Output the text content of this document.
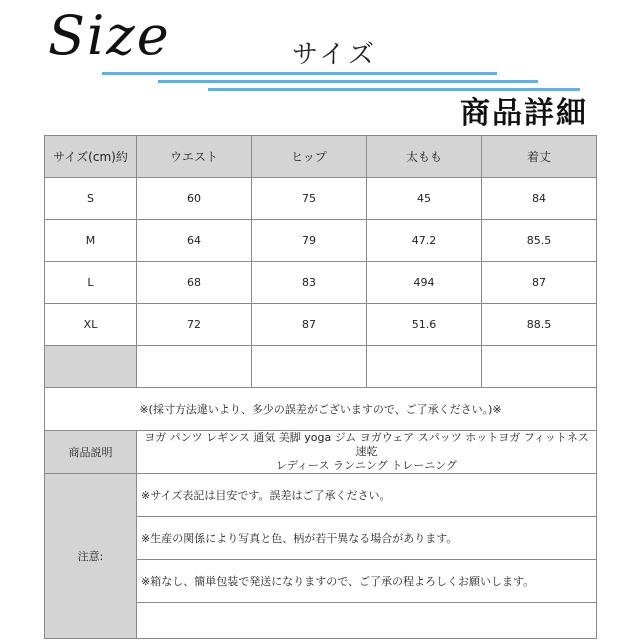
Size	サイズ
商品詳細
サイズ(cm)約	ウエスト	ヒップ	太もも	着丈
S	60	75	45	84
M	64	79	47.2	85.5
L	68	83	494	87
XL	72	87	51.6	88.5

※(採寸方法違いより、多少の誤差がございますので、ご了承ください。)※				
商品説明	ヨガ パンツ レギンス 通気 美脚 yoga ジム ヨガウェア スパッツ ホットヨガ フィットネス 速乾
レディース ランニング トレーニング			

注意:	※サイズ表記は目安です。誤差はご了承ください。			
	※生産の関係により写真と色、柄が若干異なる場合があります。			
	※箱なし、簡単包装で発送になりますので、ご了承の程よろしくお願いします。			
